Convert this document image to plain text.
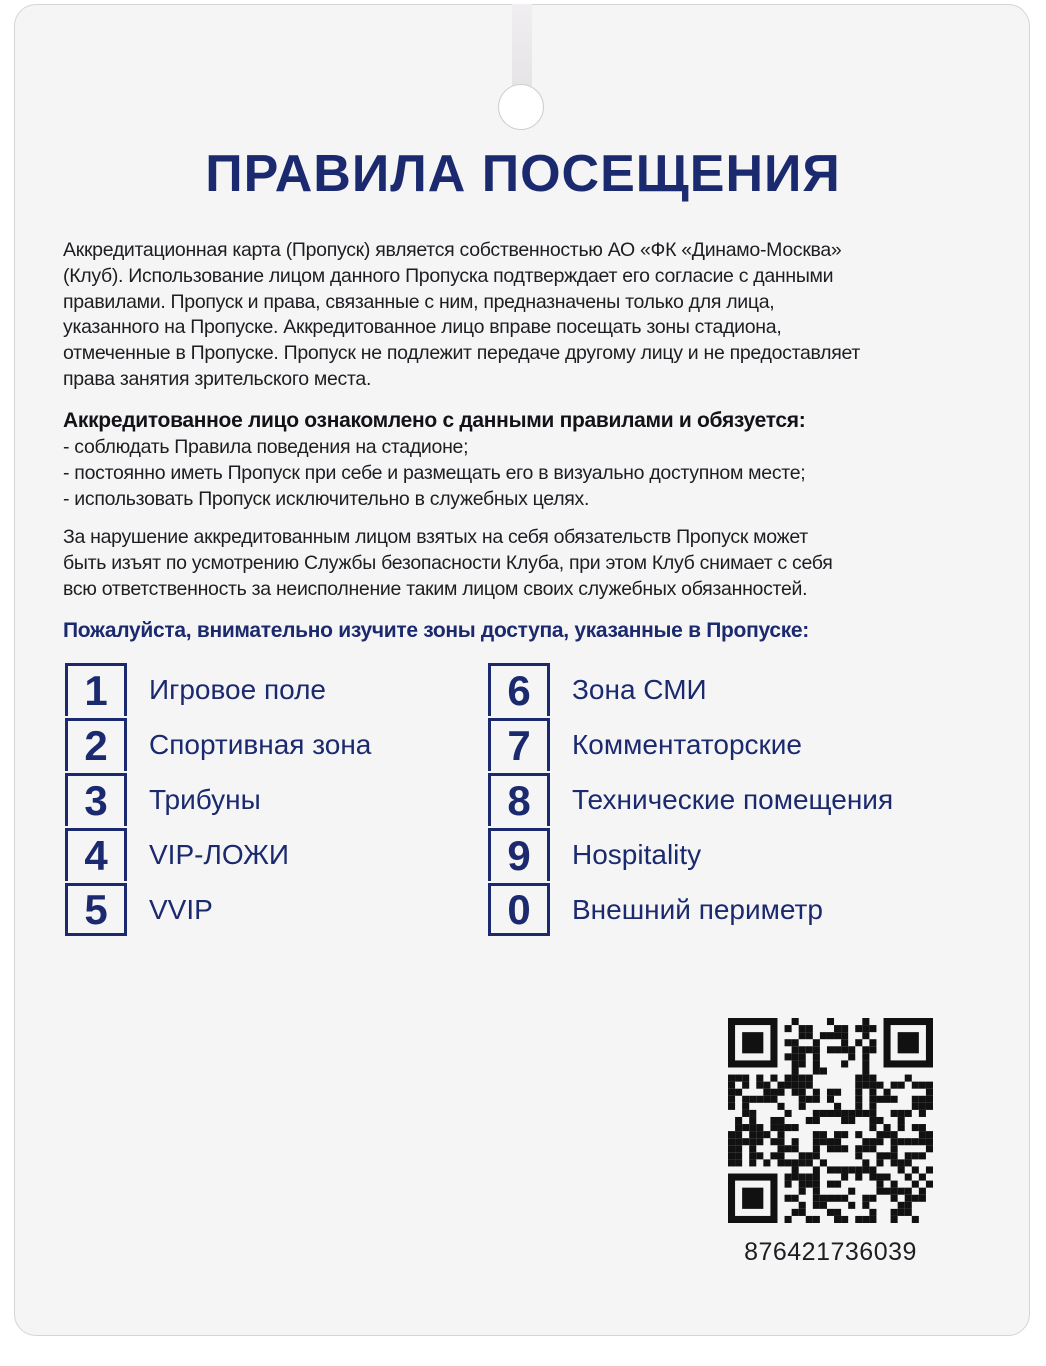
ПРАВИЛА ПОСЕЩЕНИЯ
Аккредитационная карта (Пропуск) является собственностью АО «ФК «Динамо-Москва»
(Клуб). Использование лицом данного Пропуска подтверждает его согласие с данными
правилами. Пропуск и права, связанные с ним, предназначены только для лица,
указанного на Пропуске. Аккредитованное лицо вправе посещать зоны стадиона,
отмеченные в Пропуске. Пропуск не подлежит передаче другому лицу и не предоставляет
права занятия зрительского места.
Аккредитованное лицо ознакомлено с данными правилами и обязуется:
- соблюдать Правила поведения на стадионе;
- постоянно иметь Пропуск при себе и размещать его в визуально доступном месте;
- использовать Пропуск исключительно в служебных целях.
За нарушение аккредитованным лицом взятых на себя обязательств Пропуск может
быть изъят по усмотрению Службы безопасности Клуба, при этом Клуб снимает с себя
всю ответственность за неисполнение таким лицом своих служебных обязанностей.
Пожалуйста, внимательно изучите зоны доступа, указанные в Пропуске:
1	Игровое поле
2	Спортивная зона
3	Трибуны
4	VIP-ЛОЖИ
5	VVIP
6	Зона СМИ
7	Комментаторские
8	Технические помещения
9	Hospitality
0	Внешний периметр
876421736039
